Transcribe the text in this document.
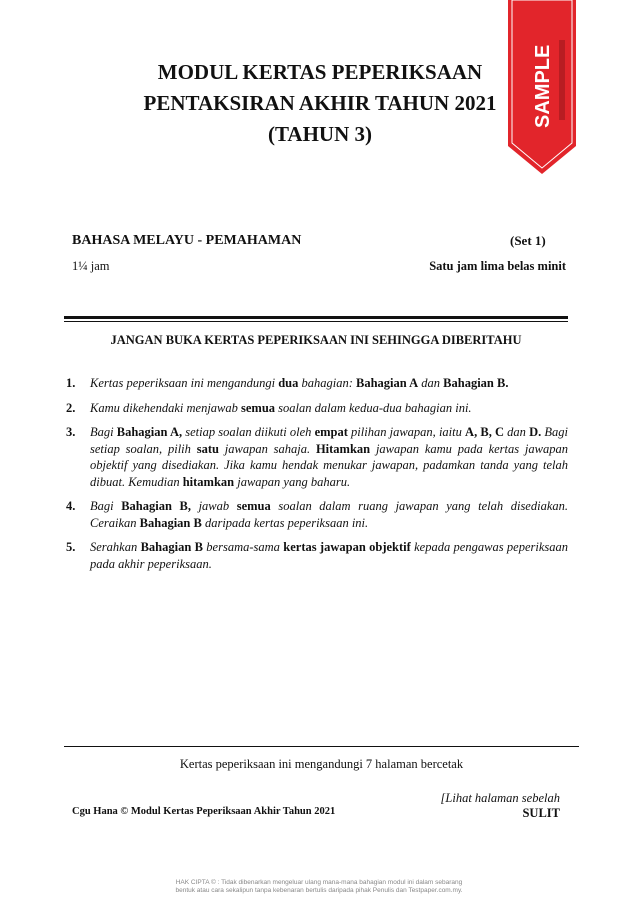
MODUL KERTAS PEPERIKSAAN
PENTAKSIRAN AKHIR TAHUN 2021
(TAHUN 3)
SAMPLE
BAHASA MELAYU - PEMAHAMAN	(Set 1)
1¼ jam	Satu jam lima belas minit
JANGAN BUKA KERTAS PEPERIKSAAN INI SEHINGGA DIBERITAHU
1.	Kertas peperiksaan ini mengandungi dua bahagian: Bahagian A dan Bahagian B.
2.	Kamu dikehendaki menjawab semua soalan dalam kedua-dua bahagian ini.
3.	Bagi Bahagian A, setiap soalan diikuti oleh empat pilihan jawapan, iaitu A, B, C dan D. Bagi setiap soalan, pilih satu jawapan sahaja. Hitamkan jawapan kamu pada kertas jawapan objektif yang disediakan. Jika kamu hendak menukar jawapan, padamkan tanda yang telah dibuat. Kemudian hitamkan jawapan yang baharu.
4.	Bagi Bahagian B, jawab semua soalan dalam ruang jawapan yang telah disediakan. Ceraikan Bahagian B daripada kertas peperiksaan ini.
5.	Serahkan Bahagian B bersama-sama kertas jawapan objektif kepada pengawas peperiksaan pada akhir peperiksaan.
Kertas peperiksaan ini mengandungi 7 halaman bercetak
[Lihat halaman sebelah
SULIT
Cgu Hana © Modul Kertas Peperiksaan Akhir Tahun 2021
HAK CIPTA © : Tidak dibenarkan mengeluar ulang mana-mana bahagian modul ini dalam sebarang
bentuk atau cara sekalipun tanpa kebenaran bertulis daripada pihak Penulis dan Testpaper.com.my.
